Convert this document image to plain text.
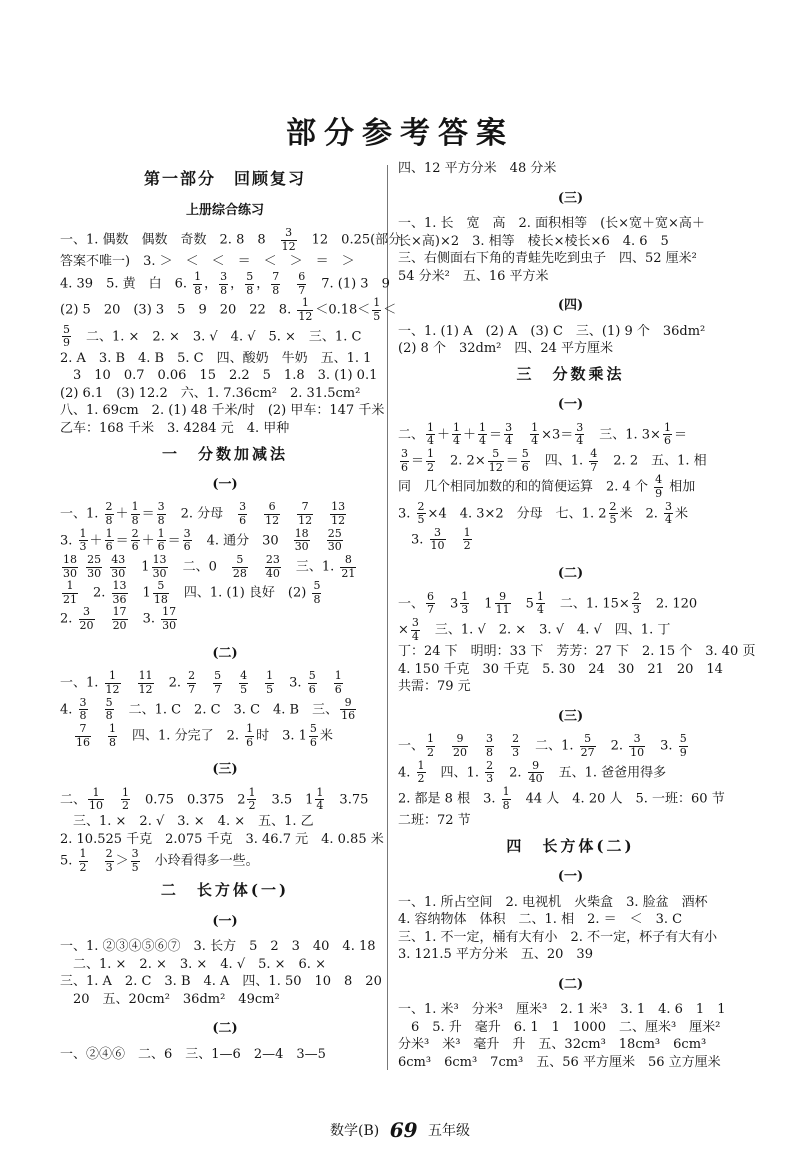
部分参考答案
第一部分　回顾复习
上册综合练习
一、1. 偶数　偶数　奇数　2. 8　8　 $\frac{3}{12}$ 　12　0.25(部分
答案不唯一)　3. ＞　＜　＜　＝　＜　＞　＝　＞
4. 39　5. 黄　白　6. $\frac{1}{8}$ ， $\frac{3}{8}$ ， $\frac{5}{8}$ ， $\frac{7}{8}$
　 $\frac{6}{7}$ 　7. (1) 3　9
(2) 5　20　(3) 3　5　9　20　22　8. $\frac{1}{12} <0.18< \frac{1}{5}$ ＜
$\frac{5}{9}$ 　二、1. ×　2. ×　3. √　4. √　5. ×　三、1. C
2. A　3. B　4. B　5. C　四、酸奶　牛奶　五、1. 1
　3　10　0.7　0.06　15　2.2　5　1.8　3. (1) 0.1
(2) 6.1　(3) 12.2　六、1. 7.36cm²　2. 31.5cm²
八、1. 69cm　2. (1) 48 千米/时　(2) 甲车：147 千米
乙车：168 千米　3. 4284 元　4. 甲种
一　分数加减法
(一)
一、1. $\frac{2}{8} + \frac{1}{8} = \frac{3}{8}$ 　2. 分母　 $\frac{3}{6}$
　 $\frac{6}{12}$
　 $\frac{7}{12}$
　 $\frac{13}{12}$
3. $\frac{1}{3} + \frac{1}{6} = \frac{2}{6} + \frac{1}{6} = \frac{3}{6}$ 　4. 通分　30　 $\frac{18}{30}$
　 $\frac{25}{30}$
$\frac{18}{30}$
$\frac{25}{30}$
$\frac{43}{30}$ 　$1 \frac{13}{30}$ 　二、0　 $\frac{5}{28}$
　 $\frac{23}{40}$ 　三、1. $\frac{8}{21}$
$\frac{1}{21}$ 　2. $\frac{13}{36}$ 　$1 \frac{5}{18}$ 　四、1. (1) 良好　$(2) \frac{5}{8}$
2. $\frac{3}{20}$
　 $\frac{17}{20}$ 　3. $\frac{17}{30}$
(二)
一、1. $\frac{1}{12}$
　 $\frac{11}{12}$ 　2. $\frac{2}{7}$
　 $\frac{5}{7}$
　 $\frac{4}{5}$
　 $\frac{1}{5}$ 　3. $\frac{5}{6}$
　 $\frac{1}{6}$
4. $\frac{3}{8}$
　 $\frac{5}{8}$ 　二、1. C　2. C　3. C　4. B　三、 $\frac{9}{16}$

$\frac{7}{16}$
　 $\frac{1}{8}$ 　四、1. 分完了　2. $\frac{1}{6}$ 时　3. $1 \frac{5}{6}$ 米
(三)
二、 $\frac{1}{10}$
　 $\frac{1}{2}$ 　0.75　0.375　$2 \frac{1}{2}$ 　3.5　$1 \frac{1}{4}$ 　3.75
　三、1. ×　2. √　3. ×　4. ×　五、1. 乙
2. 10.525 千克　2.075 千克　3. 46.7 元　4. 0.85 米
5. $\frac{1}{2}$
　 $\frac{2}{3} > \frac{3}{5}$ 　小玲看得多一些。
二　长方体(一)
(一)
一、1. ②③④⑤⑥⑦　3. 长方　5　2　3　40　4. 18
　二、1. ×　2. ×　3. ×　4. √　5. ×　6. ×
三、1. A　2. C　3. B　4. A　四、1. 50　10　8　20
　20　五、20cm²　36dm²　49cm²
(二)
一、②④⑥　二、6　三、1—6　2—4　3—5
四、12 平方分米　48 分米
(三)
一、1. 长　宽　高　2. 面积相等　(长×宽＋宽×高＋
长×高)×2　3. 相等　棱长×棱长×6　4. 6　5
三、右侧面右下角的青蛙先吃到虫子　四、52 厘米²
54 分米²　五、16 平方米
(四)
一、1. (1) A　(2) A　(3) C　三、(1) 9 个　36dm²
(2) 8 个　32dm²　四、24 平方厘米
三　分数乘法
(一)
二、 $\frac{1}{4} + \frac{1}{4} + \frac{1}{4} = \frac{3}{4}$
　 $\frac{1}{4} \times 3= \frac{3}{4}$ 　三、1. $3\times \frac{1}{6}$ ＝
$\frac{3}{6} = \frac{1}{2}$ 　2. $2\times \frac{5}{12} = \frac{5}{6}$ 　四、1. $\frac{4}{7}$ 　2. 2　五、1. 相
同　几个相同加数的和的简便运算　2. 4 个 $\frac{4}{9}$ 相加
3. $\frac{2}{5} \times 4$　4. 3×2　分母　七、1. $2 \frac{2}{5}$ 米　2. $\frac{3}{4}$ 米
　3. $\frac{3}{10}$
　 $\frac{1}{2}$
(二)
一、 $\frac{6}{7}$ 　$3 \frac{1}{3}$ 　$1 \frac{9}{11}$ 　$5 \frac{1}{4}$ 　二、1. $15\times \frac{2}{3}$ 　2. 120
× $\frac{3}{4}$ 　三、1. √　2. ×　3. √　4. √　四、1. 丁
丁：24 下　明明：33 下　芳芳：27 下　2. 15 个　3. 40 页
4. 150 千克　30 千克　5. 30　24　30　21　20　14
共需：79 元
(三)
一、 $\frac{1}{2}$
　 $\frac{9}{20}$
　 $\frac{3}{8}$
　 $\frac{2}{3}$ 　二、1. $\frac{5}{27}$ 　2. $\frac{3}{10}$ 　3. $\frac{5}{9}$
4. $\frac{1}{2}$ 　四、1. $\frac{2}{3}$ 　2. $\frac{9}{40}$ 　五、1. 爸爸用得多
2. 都是 8 根　3. $\frac{1}{8}$ 　44 人　4. 20 人　5. 一班：60 节
二班：72 节
四　长方体(二)
(一)
一、1. 所占空间　2. 电视机　火柴盒　3. 脸盆　酒杯
4. 容纳物体　体积　二、1. 相　2. ＝　＜　3. C
三、1. 不一定，桶有大有小　2. 不一定，杯子有大有小
3. 121.5 平方分米　五、20　39
(二)
一、1. 米³　分米³　厘米³　2. 1 米³　3. 1　4. 6　1　1
　6　5. 升　毫升　6. 1　1　1000　二、厘米³　厘米²
分米³　米³　毫升　升　五、32cm³　18cm³　6cm³
6cm³　6cm³　7cm³　五、56 平方厘米　56 立方厘米
数学(B) 69 五年级
